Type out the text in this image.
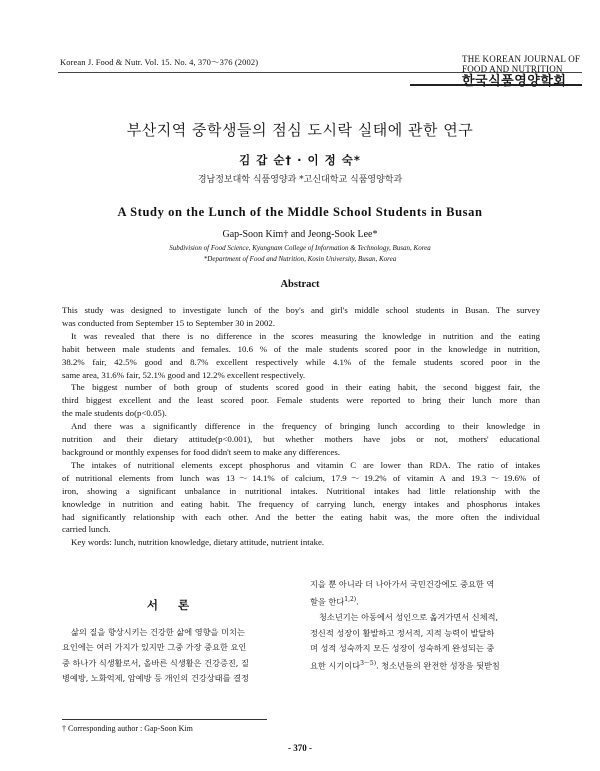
Korean J. Food & Nutr. Vol. 15. No. 4, 370～376 (2002)	THE KOREAN JOURNAL OF
FOOD AND NUTRITION
한국식품영양학회
부산지역 중학생들의 점심 도시락 실태에 관한 연구
김 갑 순† · 이 정 숙*
경남정보대학 식품영양과 *고신대학교 식품영양학과
A Study on the Lunch of the Middle School Students in Busan
Gap-Soon Kim† and Jeong-Sook Lee*
Subdivision of Food Science, Kyungnam College of Information & Technology, Busan, Korea
*Department of Food and Nutrition, Kosin University, Busan, Korea
Abstract
This study was designed to investigate lunch of the boy's and girl's middle school students in Busan. The survey
was conducted from September 15 to September 30 in 2002.
It was revealed that there is no difference in the scores measuring the knowledge in nutrition and the eating
habit between male students and females. 10.6 % of the male students scored poor in the knowledge in nutrition,
38.2% fair, 42.5% good and 8.7% excellent respectively while 4.1% of the female students scored poor in the
same area, 31.6% fair, 52.1% good and 12.2% excellent respectively.
The biggest number of both group of students scored good in their eating habit, the second biggest fair, the
third biggest excellent and the least scored poor. Female students were reported to bring their lunch more than
the male students do(p<0.05).
And there was a significantly difference in the frequency of bringing lunch according to their knowledge in
nutrition and their dietary attitude(p<0.001), but whether mothers have jobs or not, mothers' educational
background or monthly expenses for food didn't seem to make any differences.
The intakes of nutritional elements except phosphorus and vitamin C are lower than RDA. The ratio of intakes
of nutritional elements from lunch was 13～14.1% of calcium, 17.9～19.2% of vitamin A and 19.3～19.6% of
iron, showing a significant unbalance in nutritional intakes. Nutritional intakes had little relationship with the
knowledge in nutrition and eating habit. The frequency of carrying lunch, energy intakes and phosphorus intakes
had significantly relationship with each other. And the better the eating habit was, the more often the individual
carried lunch.
Key words: lunch, nutrition knowledge, dietary attitude, nutrient intake.
서 론
삶의 질을 향상시키는 건강한 삶에 영향을 미치는
요인에는 여러 가지가 있지만 그중 가장 중요한 요인
중 하나가 식생활로서, 올바른 식생활은 건강증진, 질
병예방, 노화억제, 암예방 등 개인의 건강상태를 결정
지을 뿐 아니라 더 나아가서 국민건강에도 중요한 역
할을 한다$^{1,2)}$.
청소년기는 아동에서 성인으로 옮겨가면서 신체적,
정신적 성장이 활발하고 정서적, 지적 능력이 발달하
며 성적 성숙까지 모든 성장이 성숙하게 완성되는 중
요한 시기이다$^{3\sim 5)}$. 청소년들의 완전한 성장을 뒷받침
† Corresponding author : Gap-Soon Kim
- 370 -
